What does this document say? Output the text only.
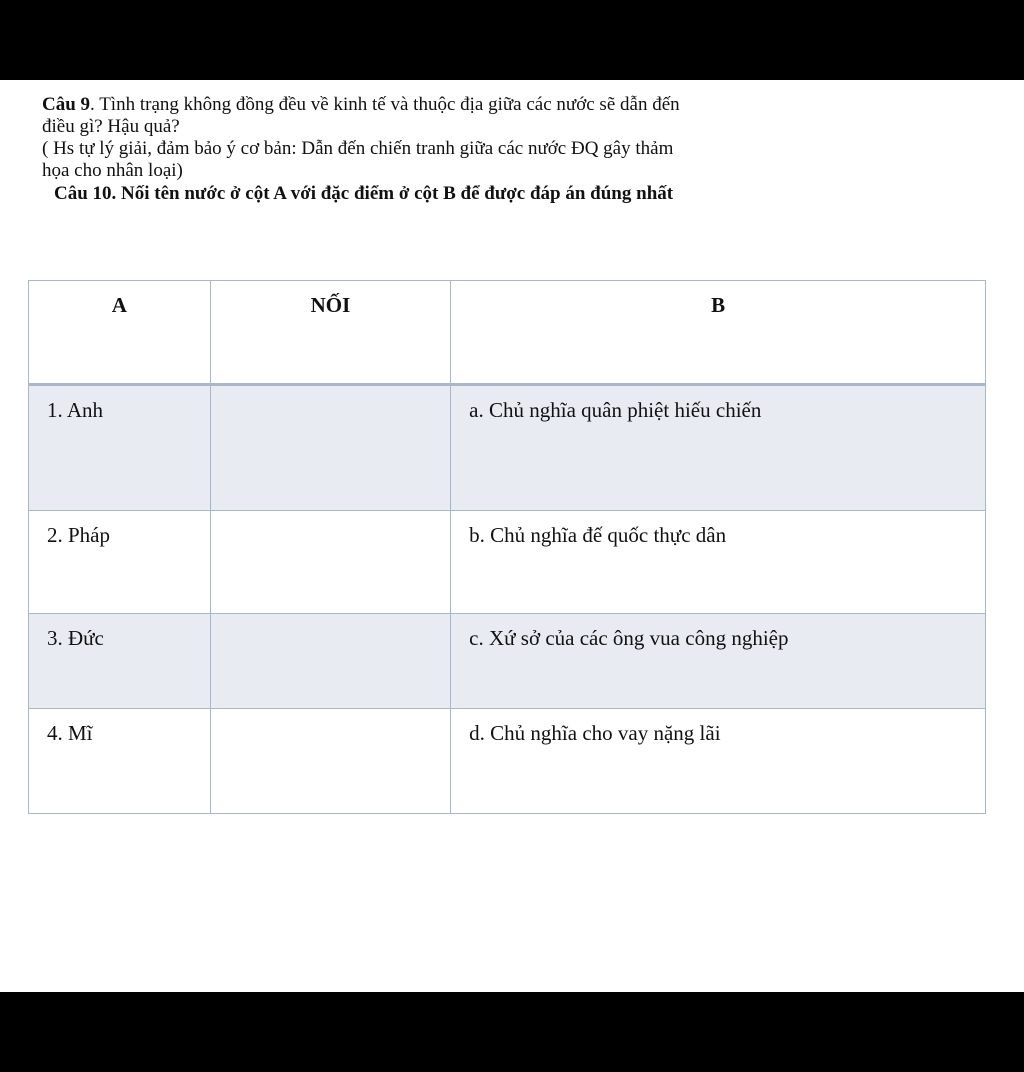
Câu 9. Tình trạng không đồng đều về kinh tế và thuộc địa giữa các nước sẽ dẫn đến

điều gì? Hậu quả?

( Hs tự lý giải, đảm bảo ý cơ bản: Dẫn đến chiến tranh giữa các nước ĐQ gây thảm

họa cho nhân loại)

Câu 10. Nối tên nước ở cột A với đặc điểm ở cột B để được đáp án đúng nhất

A	NỐI	B
1. Anh		a. Chủ nghĩa quân phiệt hiếu chiến
2. Pháp		b. Chủ nghĩa đế quốc thực dân
3. Đức		c. Xứ sở của các ông vua công nghiệp
4. Mĩ		d. Chủ nghĩa cho vay nặng lãi
